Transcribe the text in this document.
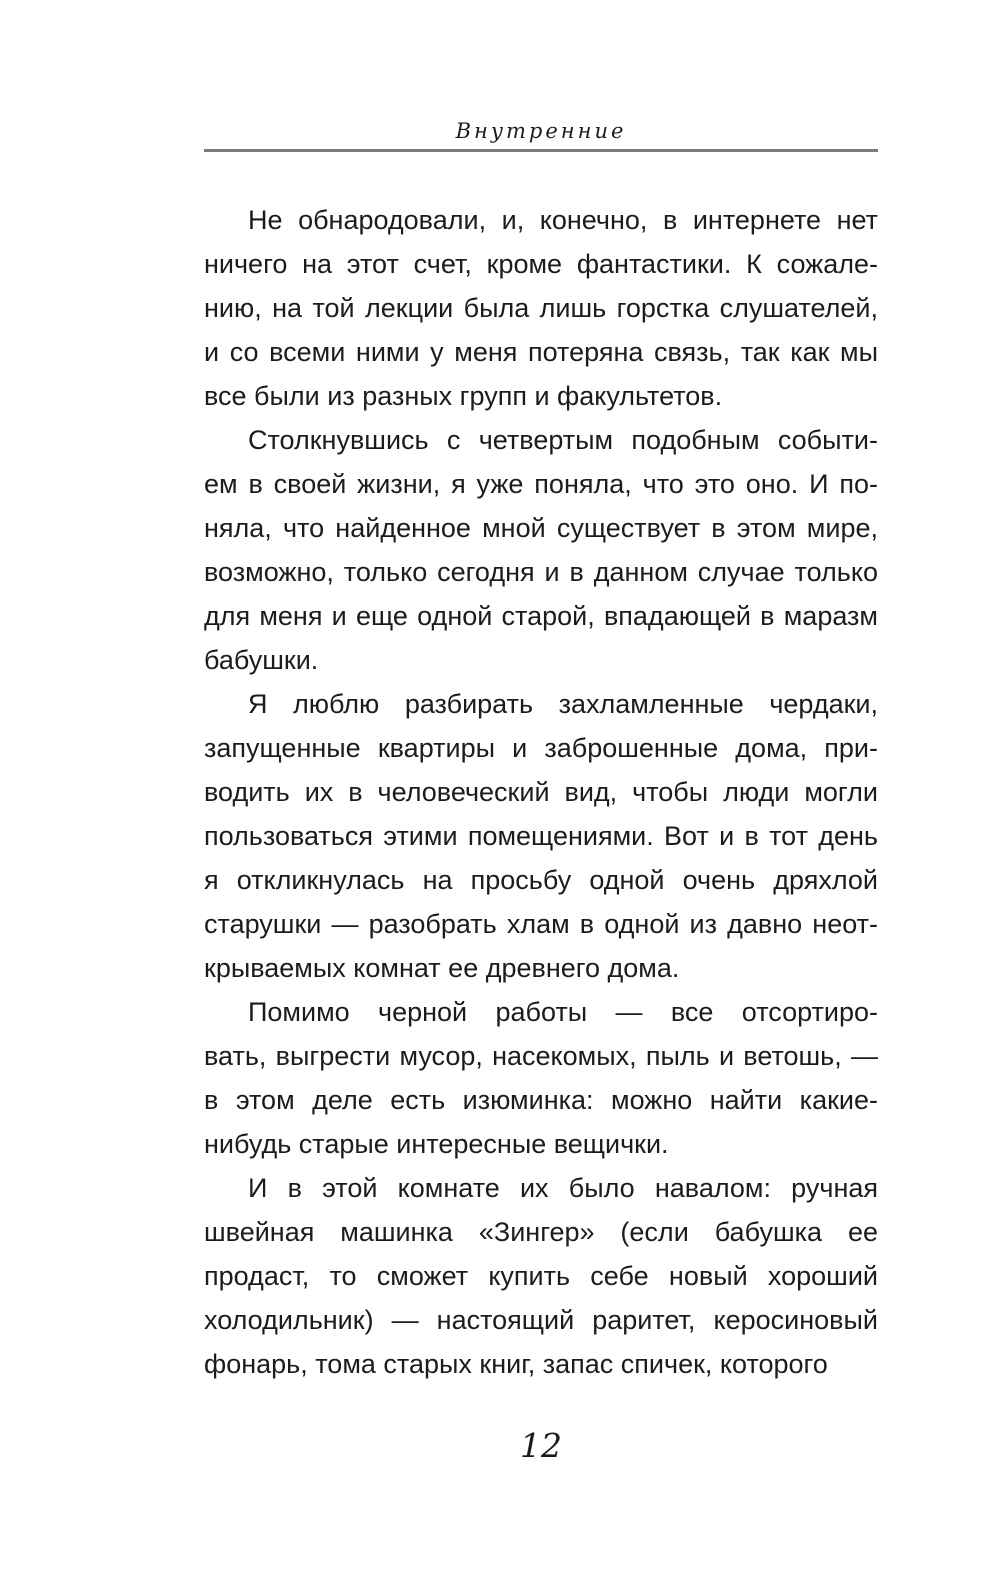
Внутренние
Не обнародовали, и, конечно, в интернете нет
ничего на этот счет, кроме фантастики. К сожале-
нию, на той лекции была лишь горстка слушателей,
и со всеми ними у меня потеряна связь, так как мы
все были из разных групп и факультетов.
Столкнувшись с четвертым подобным событи-
ем в своей жизни, я уже поняла, что это оно. И по-
няла, что найденное мной существует в этом мире,
возможно, только сегодня и в данном случае только
для меня и еще одной старой, впадающей в маразм
бабушки.
Я люблю разбирать захламленные чердаки,
запущенные квартиры и заброшенные дома, при-
водить их в человеческий вид, чтобы люди могли
пользоваться этими помещениями. Вот и в тот день
я откликнулась на просьбу одной очень дряхлой
старушки — разобрать хлам в одной из давно неот-
крываемых комнат ее древнего дома.
Помимо черной работы — все отсортиро-
вать, выгрести мусор, насекомых, пыль и ветошь, —
в этом деле есть изюминка: можно найти какие-
нибудь старые интересные вещички.
И в этой комнате их было навалом: ручная
швейная машинка «Зингер» (если бабушка ее
продаст, то сможет купить себе новый хороший
холодильник) — настоящий раритет, керосиновый
фонарь, тома старых книг, запас спичек, которого
12
